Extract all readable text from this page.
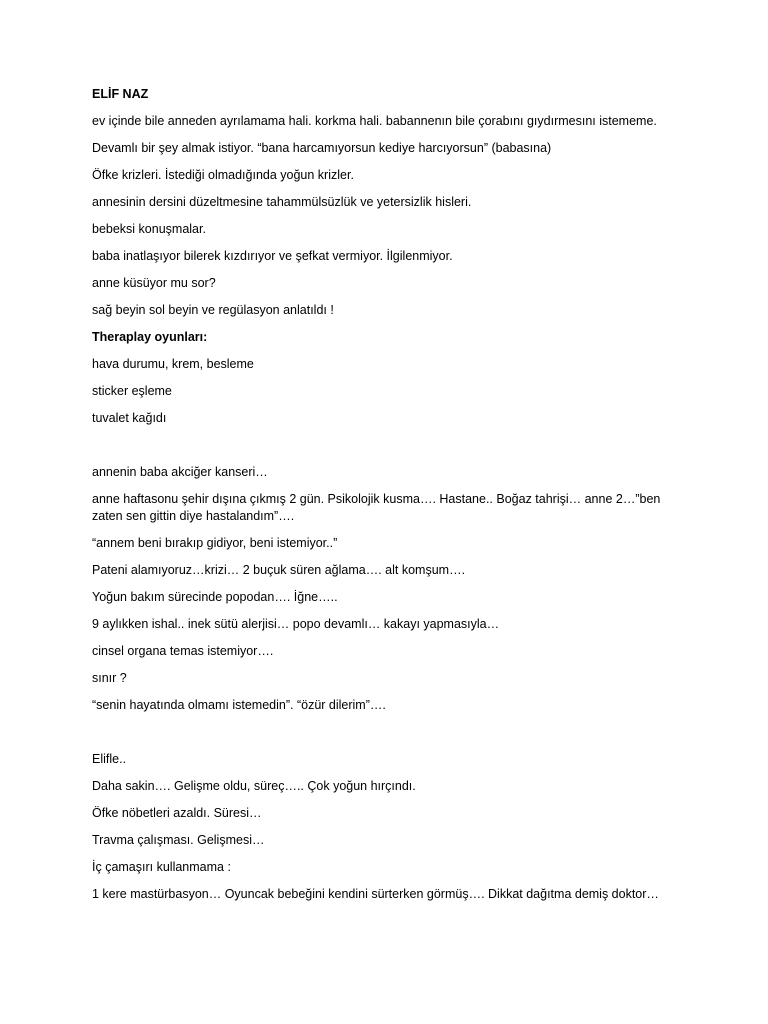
ELİF NAZ

ev içinde bile anneden ayrılamama hali. korkma hali. babannenın bile çorabını gıydırmesını istememe.

Devamlı bir şey almak istiyor. “bana harcamıyorsun kediye harcıyorsun” (babasına)

Öfke krizleri. İstediği olmadığında yoğun krizler.

annesinin dersini düzeltmesine tahammülsüzlük ve yetersizlik hisleri.

bebeksi konuşmalar.

baba inatlaşıyor bilerek kızdırıyor ve şefkat vermiyor. İlgilenmiyor.

anne küsüyor mu sor?

sağ beyin sol beyin ve regülasyon anlatıldı !

Theraplay oyunları:

hava durumu, krem, besleme

sticker eşleme

tuvalet kağıdı

annenin baba akciğer kanseri…

anne haftasonu şehir dışına çıkmış 2 gün. Psikolojik kusma…. Hastane.. Boğaz tahrişi… anne 2…”ben zaten sen gittin diye hastalandım”….

“annem beni bırakıp gidiyor, beni istemiyor..”

Pateni alamıyoruz…krizi… 2 buçuk süren ağlama…. alt komşum….

Yoğun bakım sürecinde popodan…. İğne…..

9 aylıkken ishal.. inek sütü alerjisi… popo devamlı… kakayı yapmasıyla…

cinsel organa temas istemiyor….

sınır ?

“senin hayatında olmamı istemedin”. “özür dilerim”….

Elifle..

Daha sakin…. Gelişme oldu, süreç….. Çok yoğun hırçındı.

Öfke nöbetleri azaldı. Süresi…

Travma çalışması. Gelişmesi…

İç çamaşırı kullanmama :

1 kere mastürbasyon… Oyuncak bebeğini kendini sürterken görmüş…. Dikkat dağıtma demiş doktor…
